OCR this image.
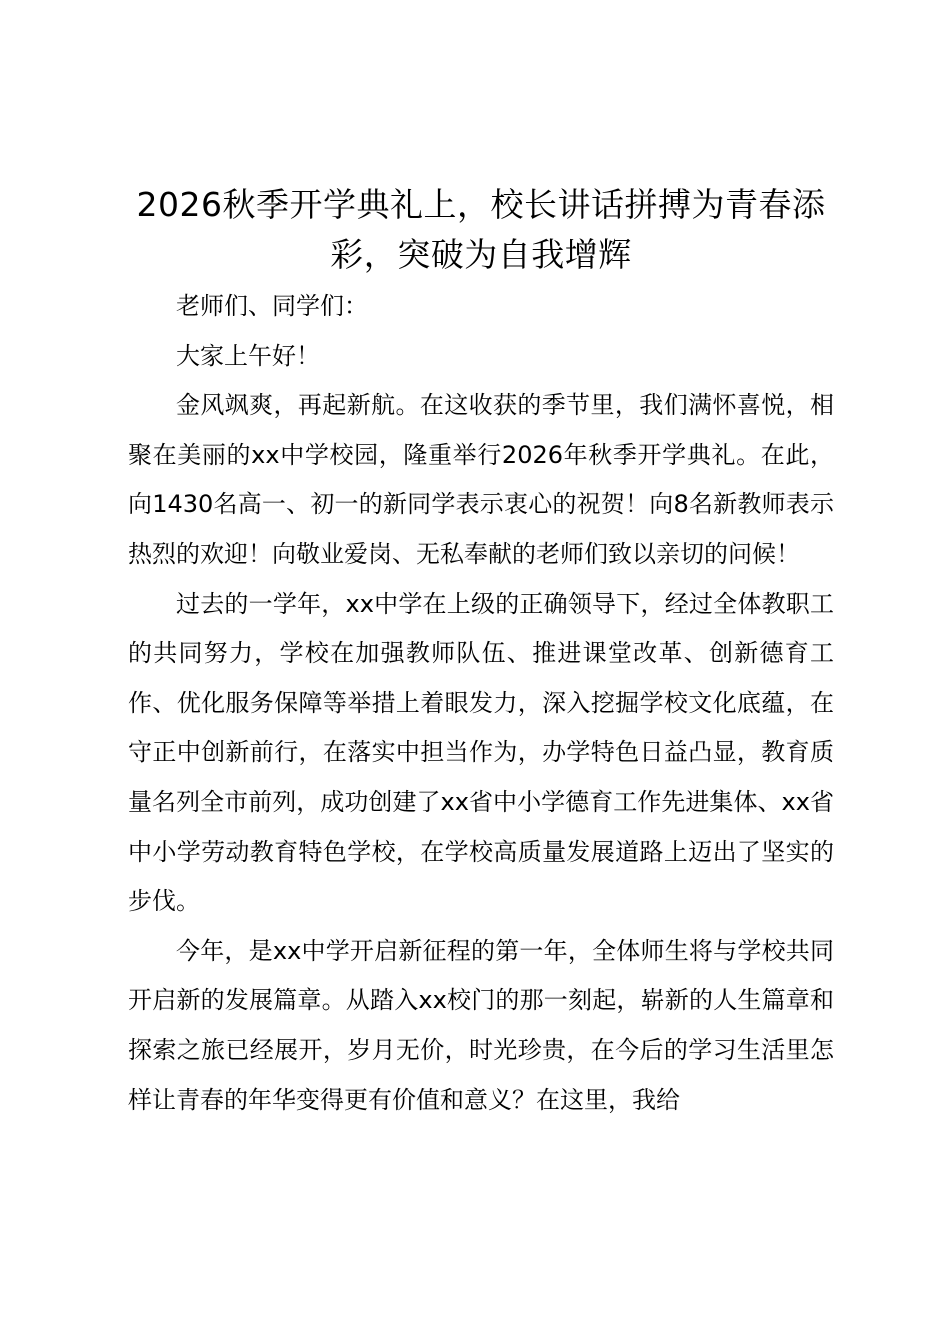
2026秋季开学典礼上，校长讲话拼搏为青春添彩，突破为自我增辉

老师们、同学们：

大家上午好！

金风飒爽，再起新航。在这收获的季节里，我们满怀喜悦，相聚在美丽的xx中学校园，隆重举行2026年秋季开学典礼。在此，向1430名高一、初一的新同学表示衷心的祝贺！向8名新教师表示热烈的欢迎！向敬业爱岗、无私奉献的老师们致以亲切的问候！

过去的一学年，xx中学在上级的正确领导下，经过全体教职工的共同努力，学校在加强教师队伍、推进课堂改革、创新德育工作、优化服务保障等举措上着眼发力，深入挖掘学校文化底蕴，在守正中创新前行，在落实中担当作为，办学特色日益凸显，教育质量名列全市前列，成功创建了xx省中小学德育工作先进集体、xx省中小学劳动教育特色学校，在学校高质量发展道路上迈出了坚实的步伐。

今年，是xx中学开启新征程的第一年，全体师生将与学校共同开启新的发展篇章。从踏入xx校门的那一刻起，崭新的人生篇章和探索之旅已经展开，岁月无价，时光珍贵，在今后的学习生活里怎样让青春的年华变得更有价值和意义？在这里，我给
